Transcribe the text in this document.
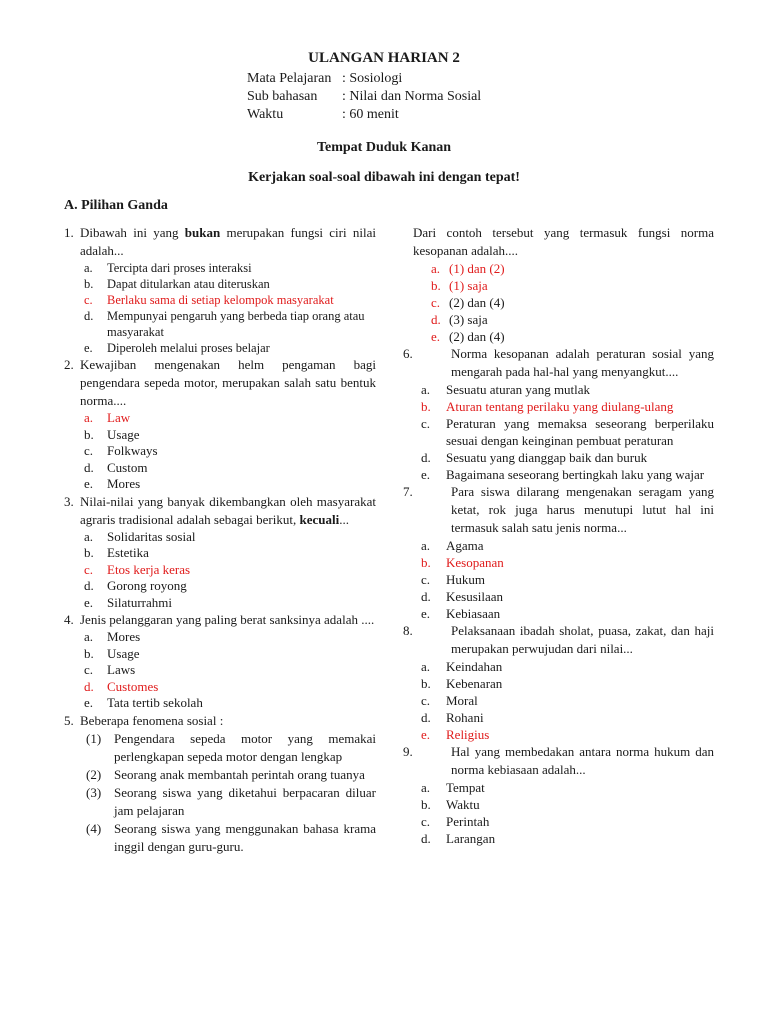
ULANGAN HARIAN 2
Mata Pelajaran : Sosiologi
Sub bahasan	: Nilai dan Norma Sosial
Waktu	: 60 menit
Tempat Duduk Kanan
Kerjakan soal-soal dibawah ini dengan tepat!
A. Pilihan Ganda
1. Dibawah ini yang bukan merupakan fungsi ciri nilai adalah...
a.	Tercipta dari proses interaksi
b.	Dapat ditularkan atau diteruskan
c.	Berlaku sama di setiap kelompok masyarakat
d.	Mempunyai pengaruh yang berbeda tiap orang atau masyarakat
e.	Diperoleh melalui proses belajar
2. Kewajiban mengenakan helm pengaman bagi pengendara sepeda motor, merupakan salah satu bentuk norma....
a.	Law
b.	Usage
c.	Folkways
d.	Custom
e.	Mores
3. Nilai-nilai yang banyak dikembangkan oleh masyarakat agraris tradisional adalah sebagai berikut, kecuali...
a.	Solidaritas sosial
b.	Estetika
c.	Etos kerja keras
d.	Gorong royong
e.	Silaturrahmi
4. Jenis pelanggaran yang paling berat sanksinya adalah ....
a.	Mores
b.	Usage
c.	Laws
d.	Customes
e.	Tata tertib sekolah
5. Beberapa fenomena sosial :
(1) Pengendara sepeda motor yang memakai perlengkapan sepeda motor dengan lengkap
(2) Seorang anak membantah perintah orang tuanya
(3) Seorang siswa yang diketahui berpacaran diluar jam pelajaran
(4) Seorang siswa yang menggunakan bahasa krama inggil dengan guru-guru.
Dari contoh tersebut yang termasuk fungsi norma kesopanan adalah....
a. (1) dan (2)
b. (1) saja
c. (2) dan (4)
d. (3) saja
e. (2) dan (4)
6.	Norma kesopanan adalah peraturan sosial yang mengarah pada hal-hal yang menyangkut....
a.	Sesuatu aturan yang mutlak
b.	Aturan tentang perilaku yang diulang-ulang
c.	Peraturan yang memaksa seseorang berperilaku sesuai dengan keinginan pembuat peraturan
d.	Sesuatu yang dianggap baik dan buruk
e.	Bagaimana seseorang bertingkah laku yang wajar
7.	Para siswa dilarang mengenakan seragam yang ketat, rok juga harus menutupi lutut hal ini termasuk salah satu jenis norma...
a.	Agama
b.	Kesopanan
c.	Hukum
d.	Kesusilaan
e.	Kebiasaan
8.	Pelaksanaan ibadah sholat, puasa, zakat, dan haji merupakan perwujudan dari nilai...
a.	Keindahan
b.	Kebenaran
c.	Moral
d.	Rohani
e.	Religius
9.	Hal yang membedakan antara norma hukum dan norma kebiasaan adalah...
a.	Tempat
b.	Waktu
c.	Perintah
d.	Larangan
